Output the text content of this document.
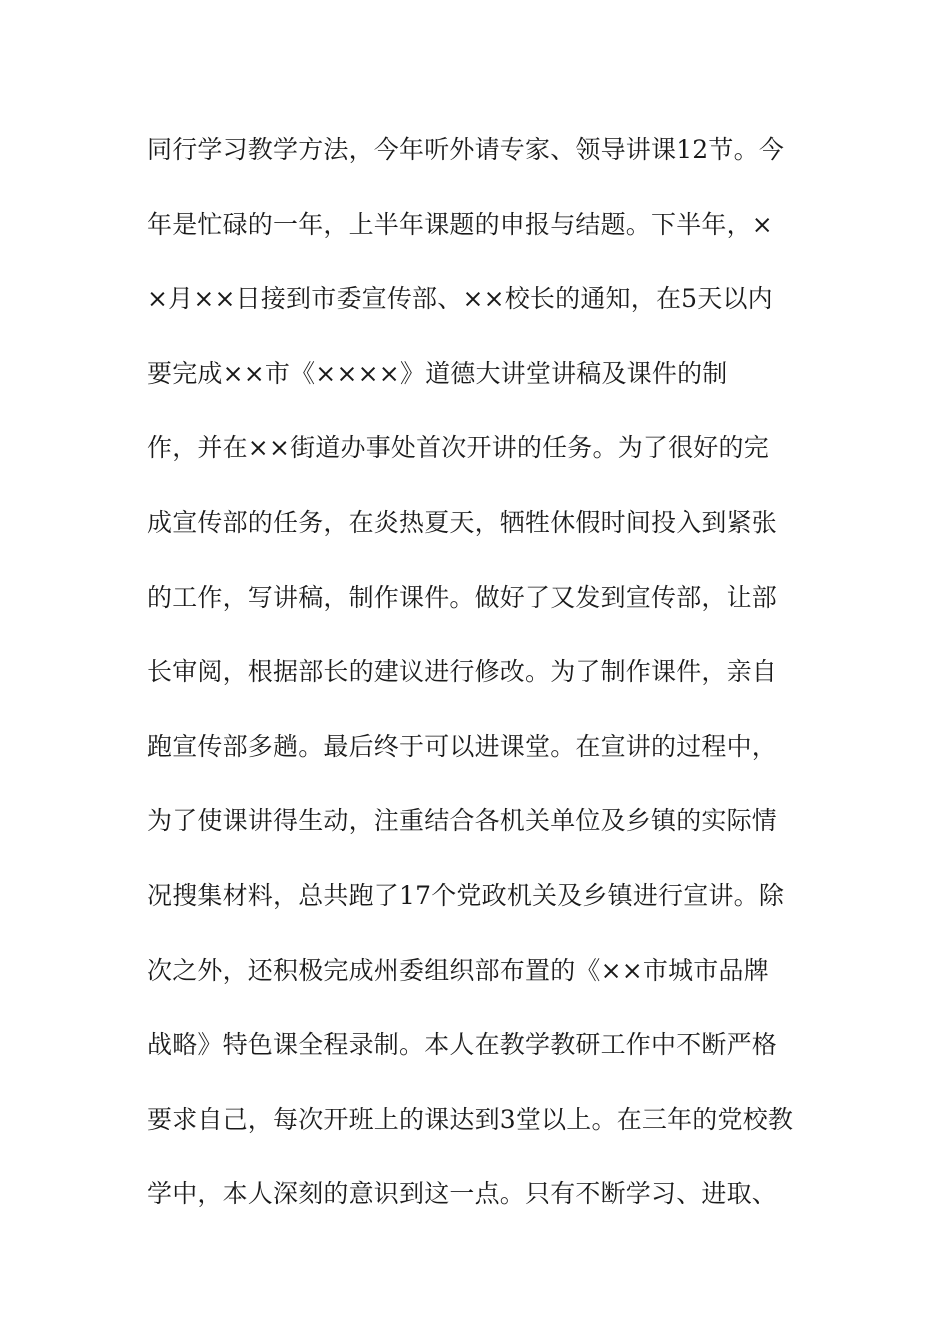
同行学习教学方法，今年听外请专家、领导讲课12节。今
年是忙碌的一年，上半年课题的申报与结题。下半年，×
×月××日接到市委宣传部、××校长的通知，在5天以内
要完成××市《××××》道德大讲堂讲稿及课件的制
作，并在××街道办事处首次开讲的任务。为了很好的完
成宣传部的任务，在炎热夏天，牺牲休假时间投入到紧张
的工作，写讲稿，制作课件。做好了又发到宣传部，让部
长审阅，根据部长的建议进行修改。为了制作课件，亲自
跑宣传部多趟。最后终于可以进课堂。在宣讲的过程中，
为了使课讲得生动，注重结合各机关单位及乡镇的实际情
况搜集材料，总共跑了17个党政机关及乡镇进行宣讲。除
次之外，还积极完成州委组织部布置的《××市城市品牌
战略》特色课全程录制。本人在教学教研工作中不断严格
要求自己，每次开班上的课达到3堂以上。在三年的党校教
学中，本人深刻的意识到这一点。只有不断学习、进取、
